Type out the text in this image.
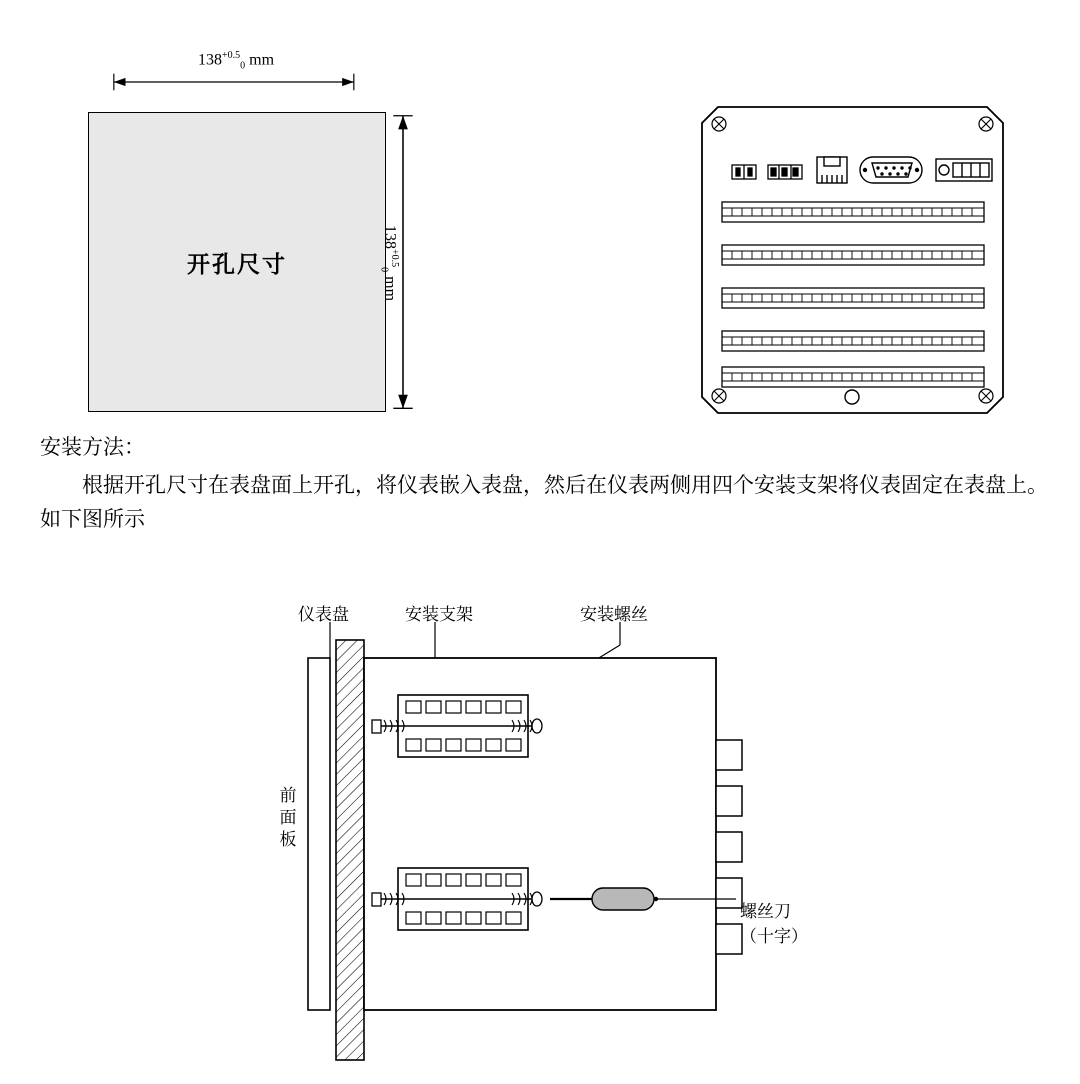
$138^{+0.5}_0$ mm
开孔尺寸
$138^{+0.5}_0$ mm
安装方法：
根据开孔尺寸在表盘面上开孔，将仪表嵌入表盘，然后在仪表两侧用四个安装支架将仪表固定在表盘上。如下图所示
仪表盘	安装支架	安装螺丝
前面板
螺丝刀
（十字）
